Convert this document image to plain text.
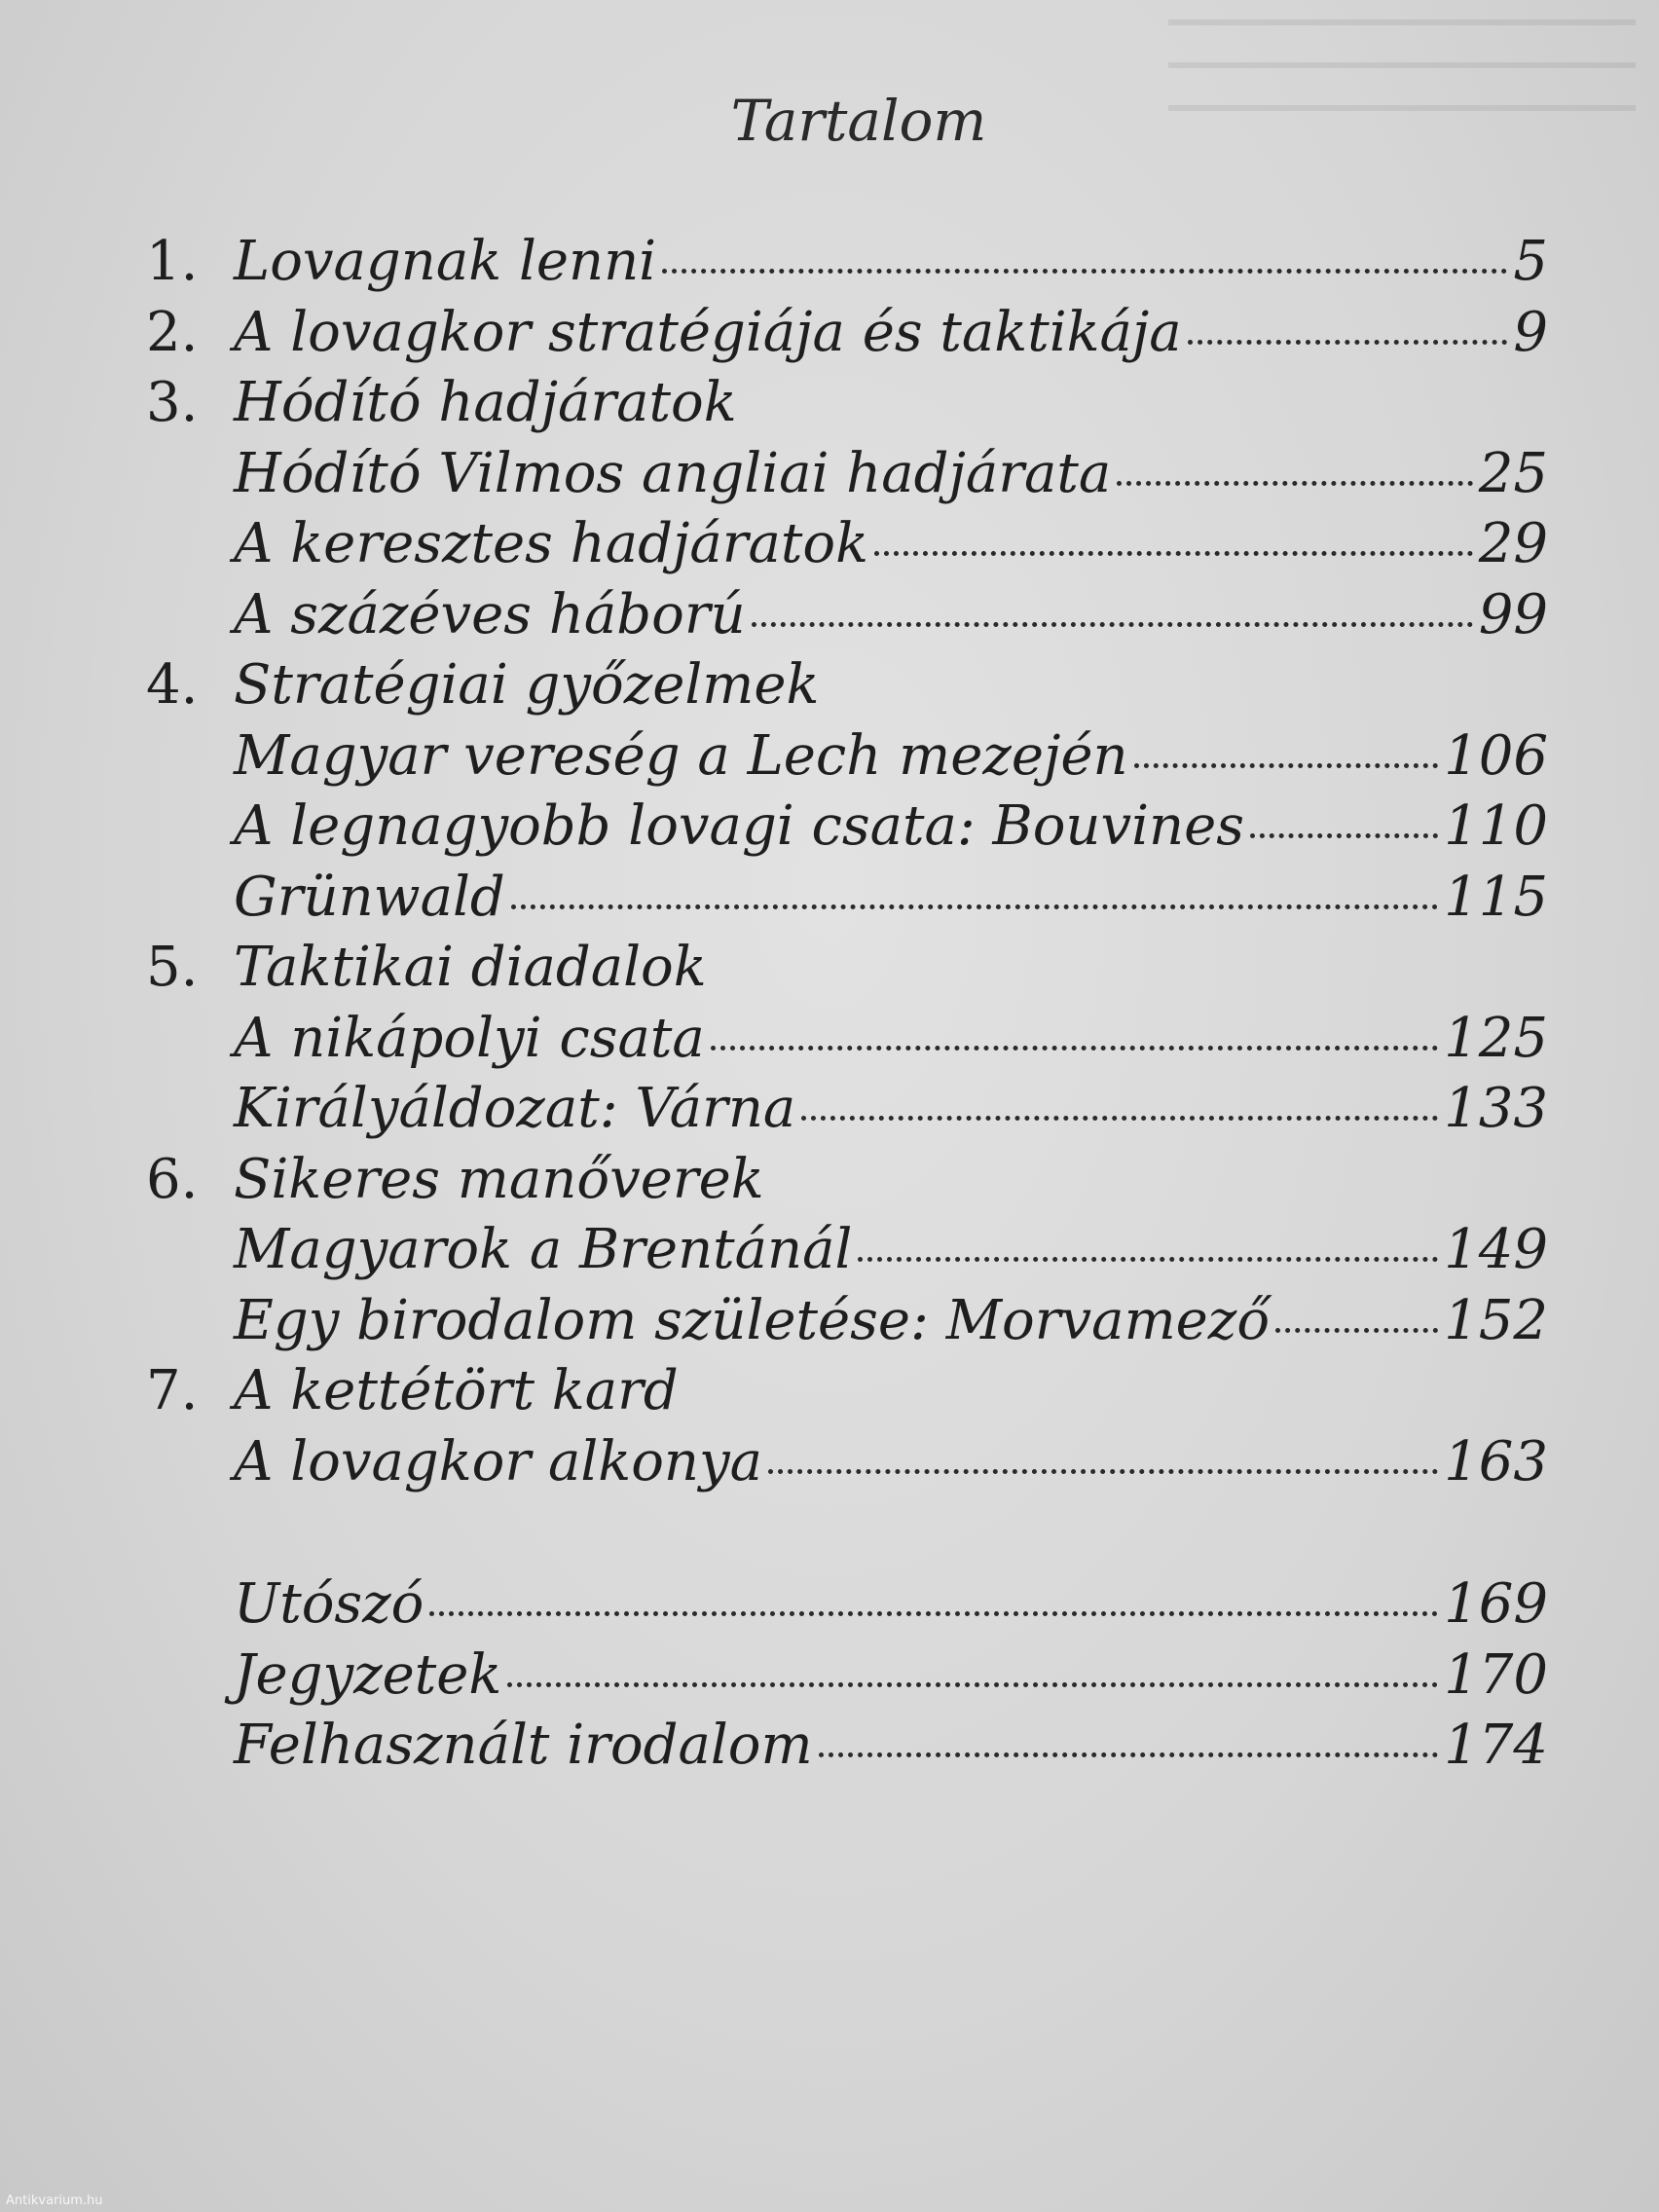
Tartalom
1. Lovagnak lenni	5
2. A lovagkor stratégiája és taktikája	9
3. Hódító hadjáratok
Hódító Vilmos angliai hadjárata	25
A keresztes hadjáratok	29
A százéves háború	99
4. Stratégiai győzelmek
Magyar vereség a Lech mezején	106
A legnagyobb lovagi csata: Bouvines	110
Grünwald	115
5. Taktikai diadalok
A nikápolyi csata	125
Királyáldozat: Várna	133
6. Sikeres manőverek
Magyarok a Brentánál	149
Egy birodalom születése: Morvamező	152
7. A kettétört kard
A lovagkor alkonya	163
Utószó	169
Jegyzetek	170
Felhasznált irodalom	174
Antikvarium.hu
